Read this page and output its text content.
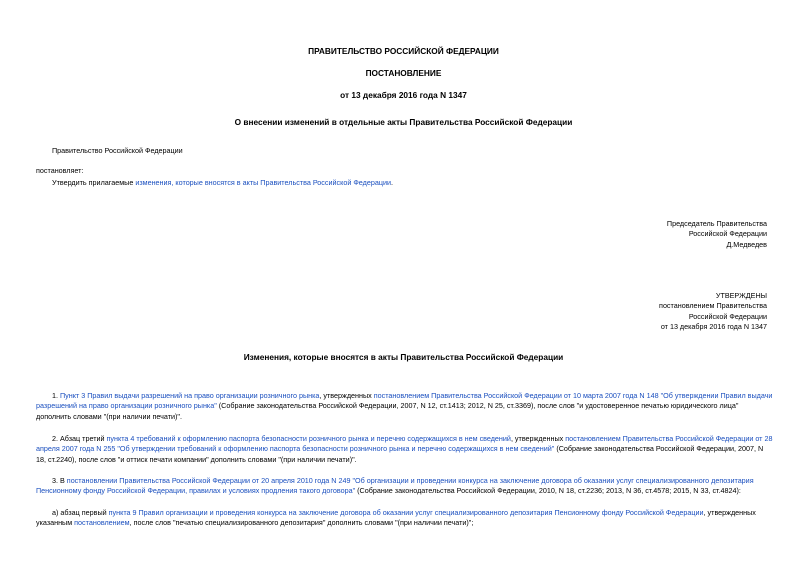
ПРАВИТЕЛЬСТВО РОССИЙСКОЙ ФЕДЕРАЦИИ
ПОСТАНОВЛЕНИЕ
от 13 декабря 2016 года N 1347
О внесении изменений в отдельные акты Правительства Российской Федерации
Правительство Российской Федерации
постановляет:
Утвердить прилагаемые изменения, которые вносятся в акты Правительства Российской Федерации.
Председатель Правительства
Российской Федерации
Д.Медведев
УТВЕРЖДЕНЫ
постановлением Правительства
Российской Федерации
от 13 декабря 2016 года N 1347
Изменения, которые вносятся в акты Правительства Российской Федерации
1. Пункт 3 Правил выдачи разрешений на право организации розничного рынка, утвержденных постановлением Правительства Российской Федерации от 10 марта 2007 года N 148 "Об утверждении Правил выдачи разрешений на право организации розничного рынка" (Собрание законодательства Российской Федерации, 2007, N 12, ст.1413; 2012, N 25, ст.3369), после слов "и удостоверенное печатью юридического лица" дополнить словами "(при наличии печати)".
2. Абзац третий пункта 4 требований к оформлению паспорта безопасности розничного рынка и перечню содержащихся в нем сведений, утвержденных постановлением Правительства Российской Федерации от 28 апреля 2007 года N 255 "Об утверждении требований к оформлению паспорта безопасности розничного рынка и перечню содержащихся в нем сведений" (Собрание законодательства Российской Федерации, 2007, N 18, ст.2240), после слов "и оттиск печати компании" дополнить словами "(при наличии печати)".
3. В постановлении Правительства Российской Федерации от 20 апреля 2010 года N 249 "Об организации и проведении конкурса на заключение договора об оказании услуг специализированного депозитария Пенсионному фонду Российской Федерации, правилах и условиях продления такого договора" (Собрание законодательства Российской Федерации, 2010, N 18, ст.2236; 2013, N 36, ст.4578; 2015, N 33, ст.4824):
а) абзац первый пункта 9 Правил организации и проведения конкурса на заключение договора об оказании услуг специализированного депозитария Пенсионному фонду Российской Федерации, утвержденных указанным постановлением, после слов "печатью специализированного депозитария" дополнить словами "(при наличии печати)";
